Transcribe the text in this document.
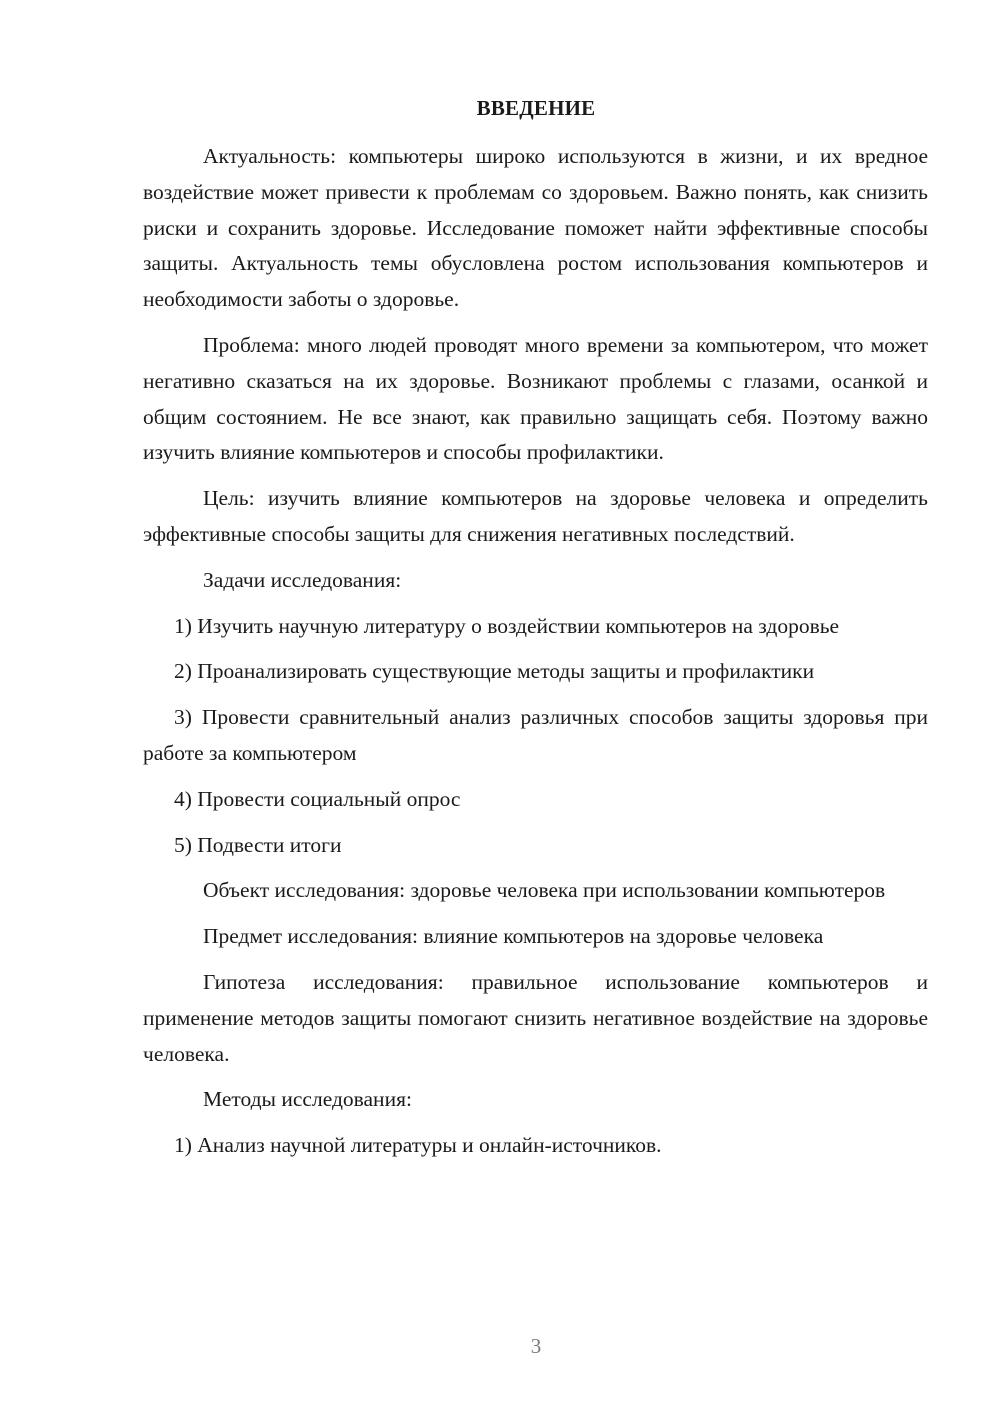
ВВЕДЕНИЕ

Актуальность: компьютеры широко используются в жизни, и их вредное воздействие может привести к проблемам со здоровьем. Важно понять, как снизить риски и сохранить здоровье. Исследование поможет найти эффективные способы защиты. Актуальность темы обусловлена ростом использования компьютеров и необходимости заботы о здоровье.

Проблема: много людей проводят много времени за компьютером, что может негативно сказаться на их здоровье. Возникают проблемы с глазами, осанкой и общим состоянием. Не все знают, как правильно защищать себя. Поэтому важно изучить влияние компьютеров и способы профилактики.

Цель: изучить влияние компьютеров на здоровье человека и определить эффективные способы защиты для снижения негативных последствий.

Задачи исследования:

1) Изучить научную литературу о воздействии компьютеров на здоровье

2) Проанализировать существующие методы защиты и профилактики

3) Провести сравнительный анализ различных способов защиты здоровья при работе за компьютером

4) Провести социальный опрос

5) Подвести итоги

Объект исследования: здоровье человека при использовании компьютеров

Предмет исследования: влияние компьютеров на здоровье человека

Гипотеза исследования: правильное использование компьютеров и применение методов защиты помогают снизить негативное воздействие на здоровье человека.

Методы исследования:

1) Анализ научной литературы и онлайн-источников.

3
